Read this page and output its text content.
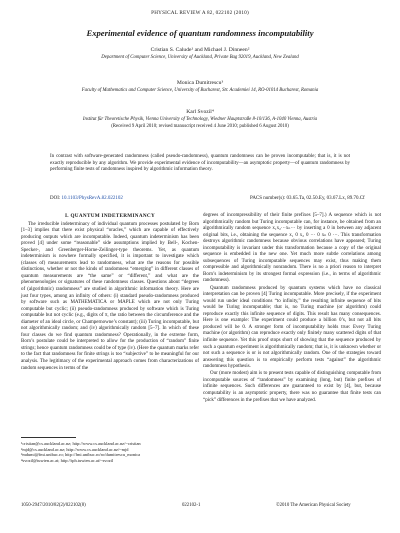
PHYSICAL REVIEW A 82, 022102 (2010)
Experimental evidence of quantum randomness incomputability
Cristian S. Calude¹ and Michael J. Dinneen²
Department of Computer Science, University of Auckland, Private Bag 92019, Auckland, New Zealand
Monica Dumitrescu³
Faculty of Mathematics and Computer Science, University of Bucharest, Str. Academiei 14, RO-01014 Bucharest, Romania
Karl Svozil⁴
Institut für Theoretische Physik, Vienna University of Technology, Wiedner Hauptstraße 8-10/136, A-1040 Vienna, Austria
(Received 9 April 2010; revised manuscript received 4 June 2010; published 6 August 2010)
In contrast with software-generated randomness (called pseudo-randomness), quantum randomness can be proven incomputable; that is, it is not exactly reproducible by any algorithm. We provide experimental evidence of incomputability—an asymptotic property—of quantum randomness by performing finite tests of randomness inspired by algorithmic information theory.
DOI: 10.1103/PhysRevA.82.022102	PACS number(s): 03.65.Ta, 02.50.Ey, 03.67.Lx, 89.70.Cf
I. QUANTUM INDETERMINANCY

The irreducible indeterminacy of individual quantum processes postulated by Born [1–3] implies that there exist physical “oracles,” which are capable of effectively producing outputs which are incomputable. Indeed, quantum indeterminism has been proved [4] under some “reasonable” side assumptions implied by Bell-, Kochen-Specker-, and Greenberger-Horne-Zeilinger-type theorems. Yet, as quantum indeterminism is nowhere formally specified, it is important to investigate which (classes of) measurements lead to randomness, what are the reasons for possible distinctions, whether or not the kinds of randomness “emerging” in different classes of quantum measurements are “the same” or “different,” and what are the phenomenologies or signatures of these randomness classes. Questions about “degrees of (algorithmic) randomness” are studied in algorithmic information theory. Here are just four types, among an infinity of others: (i) standard pseudo-randomness produced by software such as MATHEMATICA or MAPLE which are not only Turing computable but cyclic; (ii) pseudo-randomness produced by software which is Turing computable but not cyclic (e.g., digits of π, the ratio between the circumference and the diameter of an ideal circle, or Champernowne’s constant); (iii) Turing incomputable, but not algorithmically random; and (iv) algorithmically random [5–7]. In which of these four classes do we find quantum randomness? Operationally, in the extreme form, Born’s postulate could be interpreted to allow for the production of “random” finite strings; hence quantum randomness could be of type (iv). (Here the quantum marks refer to the fact that randomness for finite strings is too “subjective” to be meaningful for our analysis. The legitimacy of the experimental approach comes from characterizations of random sequences in terms of the

¹cristian@cs.auckland.ac.nz; http://www.cs.auckland.ac.nz/~cristian
²mjd@cs.auckland.ac.nz; http://www.cs.auckland.ac.nz/~mjd
³mdumi@fmi.unibuc.ro; http://fmi.unibuc.ro/ro/dumitrescu_monica
⁴svozil@tuwien.ac.at; http://tph.tuwien.ac.at/~svozil

degrees of incompressibility of their finite prefixes [5–7].) A sequence which is not algorithmically random but Turing incomputable can, for instance, be obtained from an algorithmically random sequence x₁x₂···xₙ··· by inserting a 0 in between any adjacent original bits, i.e., obtaining the sequence x₁ 0 x₂ 0 ··· 0 xₙ 0 ···. This transformation destroys algorithmic randomness because obvious correlations have appeared; Turing incomputability is invariant under this transformation because a copy of the original sequence is embedded in the new one. Yet much more subtle correlations among subsequences of Turing incomputable sequences may exist, thus making them compressible and algorithmically nonrandom. There is no a priori reason to interpret Born’s indeterminism by its strongest formal expression (i.e., in terms of algorithmic randomness).

Quantum randomness produced by quantum systems which have no classical interpretation can be proven [4] Turing incomputable. More precisely, if the experiment would run under ideal conditions “to infinity,” the resulting infinite sequence of bits would be Turing incomputable; that is, no Turing machine (or algorithm) could reproduce exactly this infinite sequence of digits. This result has many consequences. Here is one example: The experiment could produce a billion 0’s, but not all bits produced will be 0. A stronger form of incomputability holds true: Every Turing machine (or algorithm) can reproduce exactly only finitely many scattered digits of that infinite sequence. Yet this proof stops short of showing that the sequence produced by such a quantum experiment is algorithmically random; that is, it is unknown whether or not such a sequence is or is not algorithmically random. One of the strategies toward answering this question is to empirically perform tests “against” the algorithmic randomness hypothesis.

Our (more modest) aim is to present tests capable of distinguishing computable from incomputable sources of “randomness” by examining (long, but) finite prefixes of infinite sequences. Such differences are guaranteed to exist by [4], but, because computability is an asymptotic property, there was no guarantee that finite tests can “pick” differences in the prefixes that we have analyzed.

1050-2947/2010/82(2)/022102(8)	022102-1	©2010 The American Physical Society
